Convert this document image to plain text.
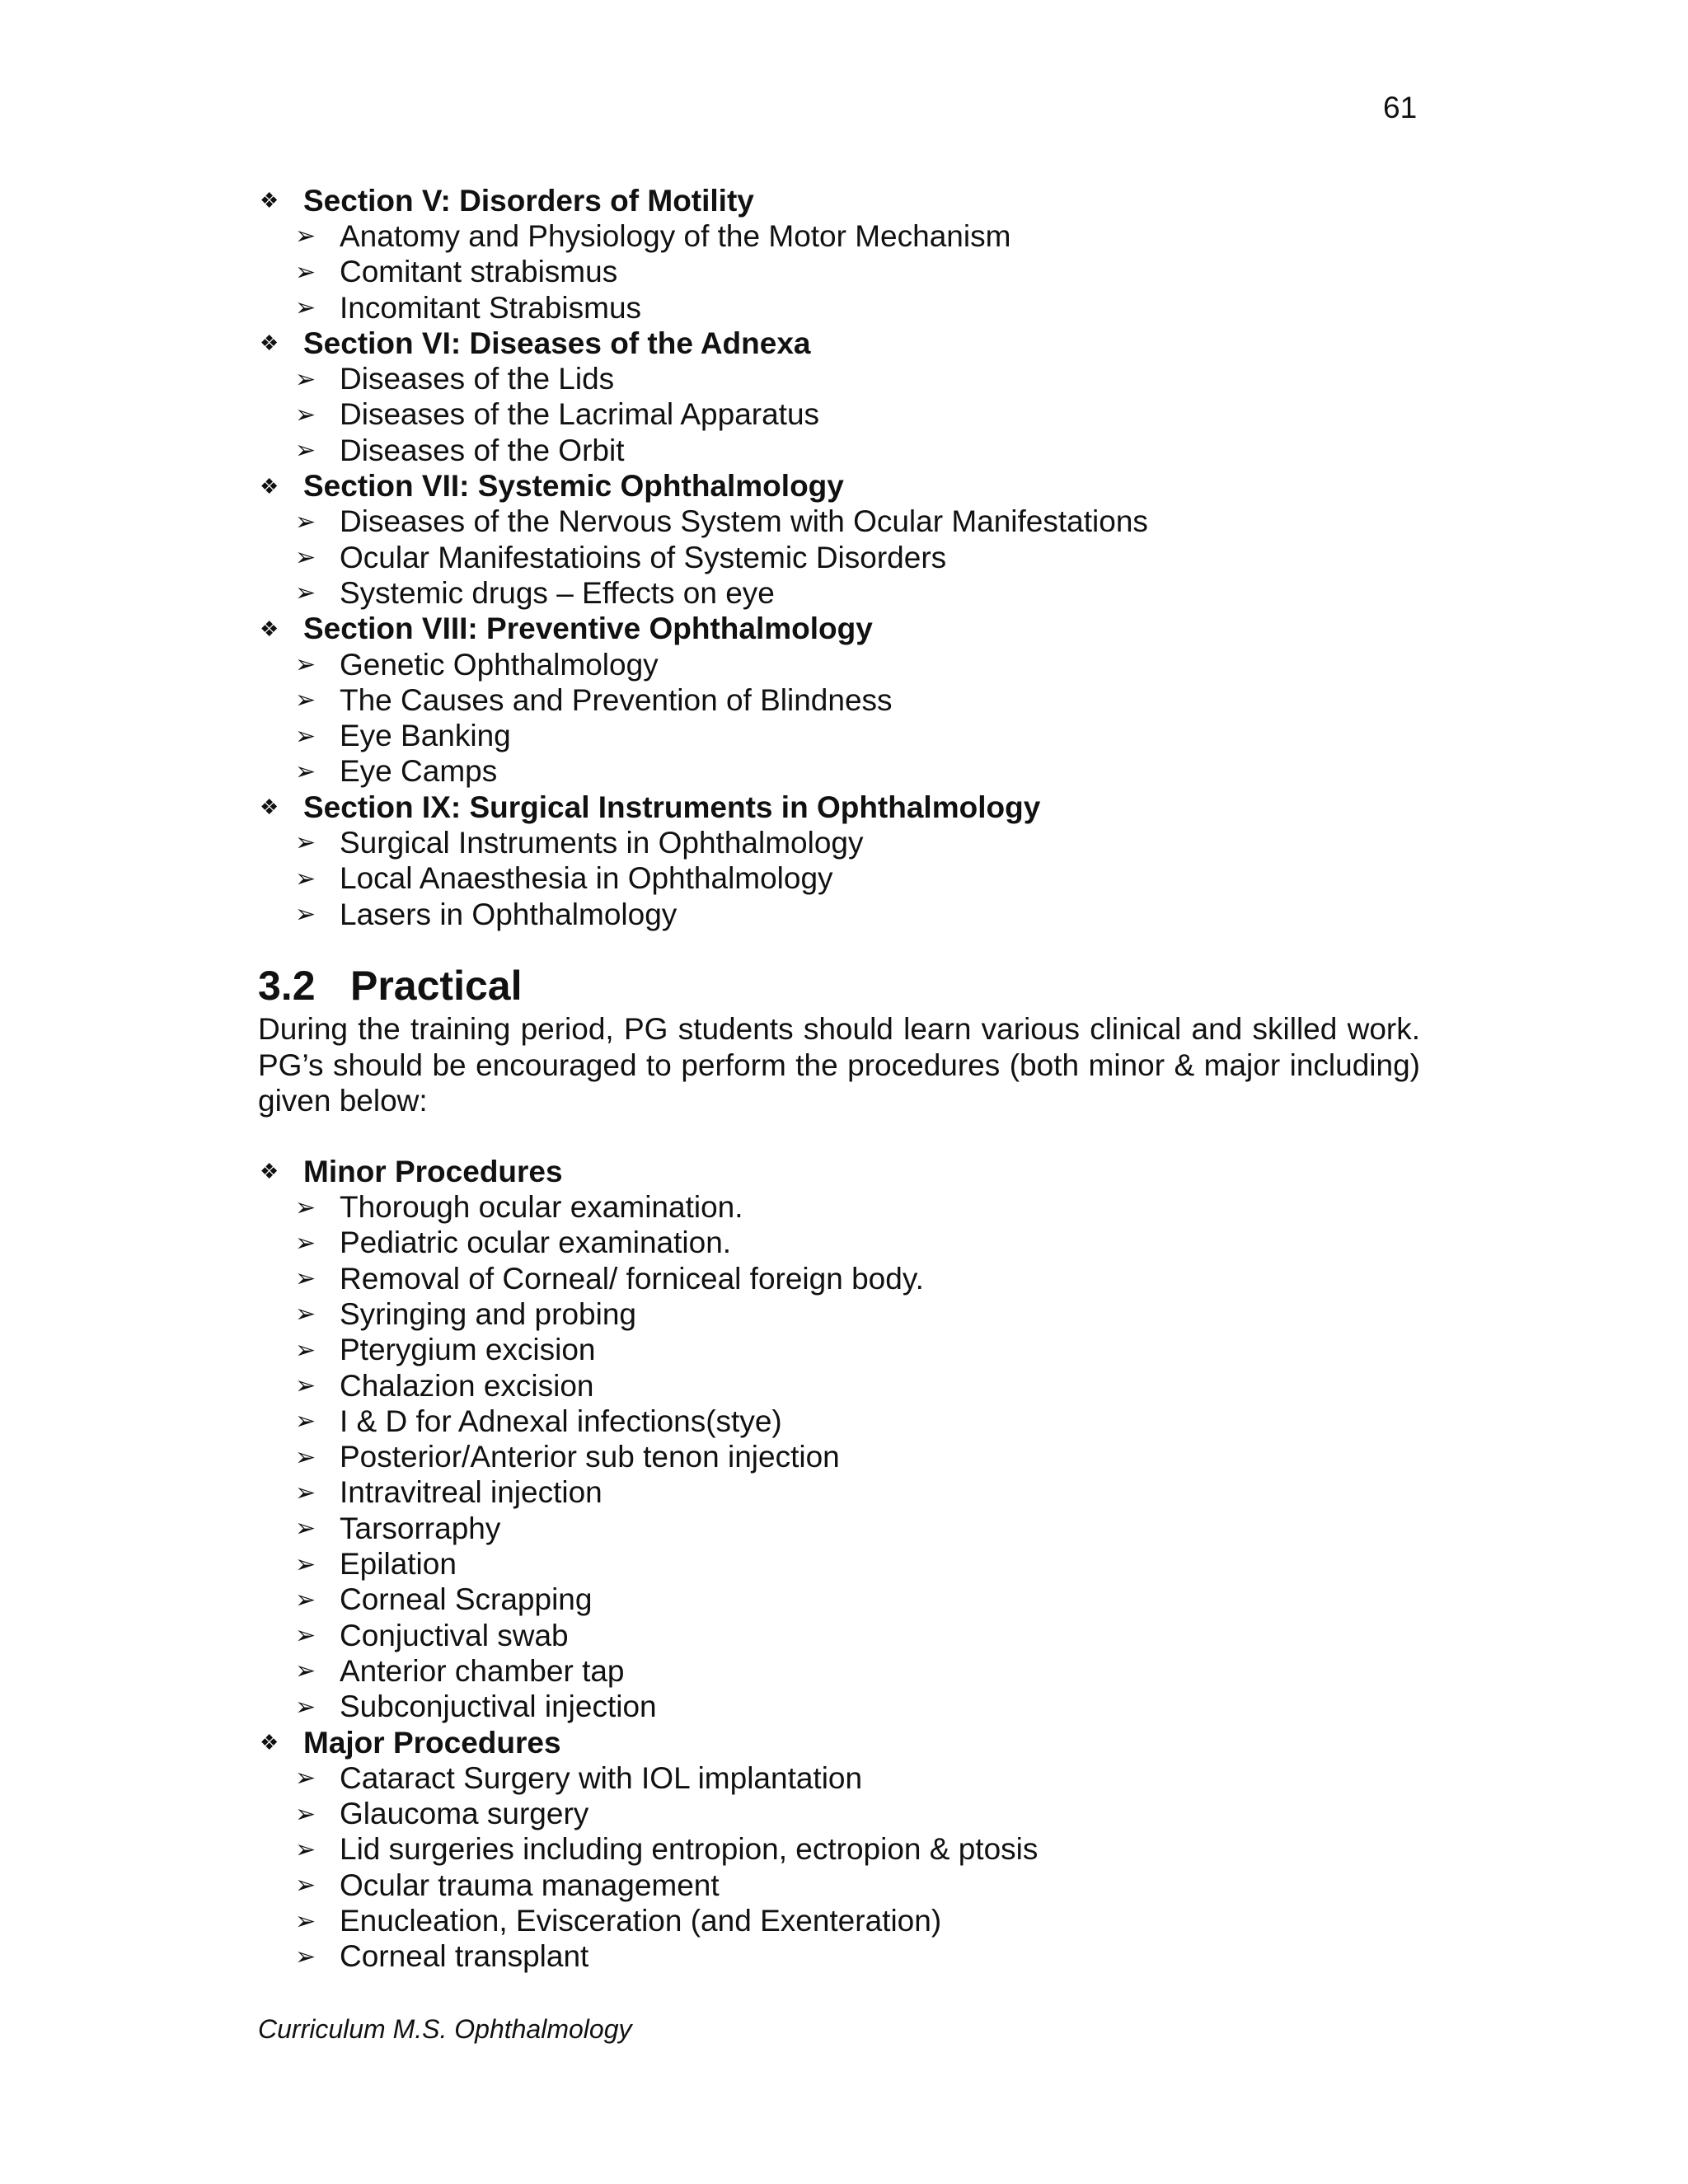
61
❖ Section V: Disorders of Motility
➢ Anatomy and Physiology of the Motor Mechanism
➢ Comitant strabismus
➢ Incomitant Strabismus
❖ Section VI: Diseases of the Adnexa
➢ Diseases of the Lids
➢ Diseases of the Lacrimal Apparatus
➢ Diseases of the Orbit
❖ Section VII: Systemic Ophthalmology
➢ Diseases of the Nervous System with Ocular Manifestations
➢ Ocular Manifestatioins of Systemic Disorders
➢ Systemic drugs – Effects on eye
❖ Section VIII: Preventive Ophthalmology
➢ Genetic Ophthalmology
➢ The Causes and Prevention of Blindness
➢ Eye Banking
➢ Eye Camps
❖ Section IX: Surgical Instruments in Ophthalmology
➢ Surgical Instruments in Ophthalmology
➢ Local Anaesthesia in Ophthalmology
➢ Lasers in Ophthalmology
3.2 Practical

During the training period, PG students should learn various clinical and skilled work. PG’s should be encouraged to perform the procedures (both minor & major including) given below:

❖ Minor Procedures
➢ Thorough ocular examination.
➢ Pediatric ocular examination.
➢ Removal of Corneal/ forniceal foreign body.
➢ Syringing and probing
➢ Pterygium excision
➢ Chalazion excision
➢ I & D for Adnexal infections(stye)
➢ Posterior/Anterior sub tenon injection
➢ Intravitreal injection
➢ Tarsorraphy
➢ Epilation
➢ Corneal Scrapping
➢ Conjuctival swab
➢ Anterior chamber tap
➢ Subconjuctival injection
❖ Major Procedures
➢ Cataract Surgery with IOL implantation
➢ Glaucoma surgery
➢ Lid surgeries including entropion, ectropion & ptosis
➢ Ocular trauma management
➢ Enucleation, Evisceration (and Exenteration)
➢ Corneal transplant
Curriculum M.S. Ophthalmology
